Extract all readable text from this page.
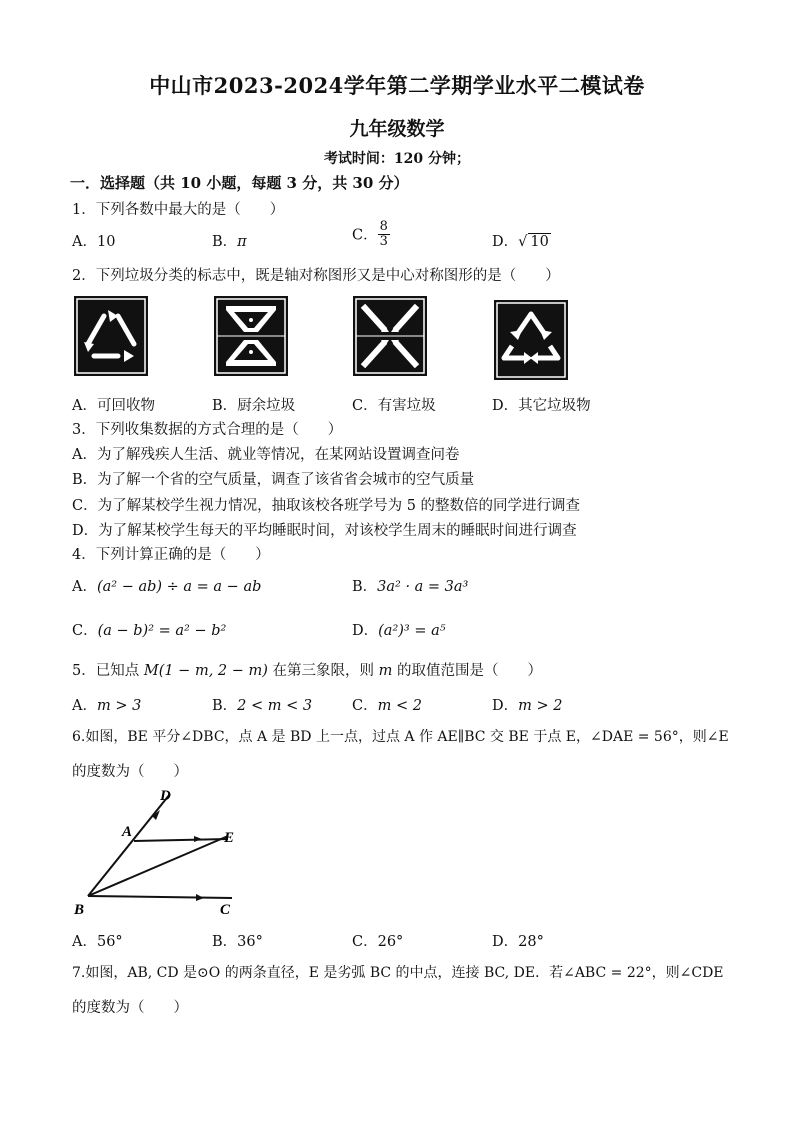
中山市2023-2024学年第二学期学业水平二模试卷
九年级数学
考试时间：120 分钟；
一．选择题（共 10 小题，每题 3 分，共 30 分）
1．下列各数中最大的是（　　）
A．10	B．π	C． $\frac{8}{3}$	D．√ 10
2．下列垃圾分类的标志中，既是轴对称图形又是中心对称图形的是（　　）
A．可回收物	B．厨余垃圾	C．有害垃圾	D．其它垃圾物
3．下列收集数据的方式合理的是（　　）
A．为了解残疾人生活、就业等情况，在某网站设置调查问卷
B．为了解一个省的空气质量，调查了该省省会城市的空气质量
C．为了解某校学生视力情况，抽取该校各班学号为 5 的整数倍的同学进行调查
D．为了解某校学生每天的平均睡眠时间，对该校学生周末的睡眠时间进行调查
4．下列计算正确的是（　　）
A．(a² − ab) ÷ a = a − ab	B．3a² · a = 3a³
C．(a − b)² = a² − b²	D．(a²)³ = a⁵
5．已知点 M(1 − m, 2 − m) 在第三象限，则 m 的取值范围是（　　）
A．m > 3	B．2 < m < 3	C．m < 2	D．m > 2
6.如图，BE 平分∠DBC，点 A 是 BD 上一点，过点 A 作 AE∥BC 交 BE 于点 E，∠DAE = 56°，则∠E
的度数为（　　）
D
A	E
B	C
A．56°	B．36°	C．26°	D．28°
7.如图，AB, CD 是⊙O 的两条直径，E 是劣弧 BC 的中点，连接 BC, DE．若∠ABC = 22°，则∠CDE
的度数为（　　）
